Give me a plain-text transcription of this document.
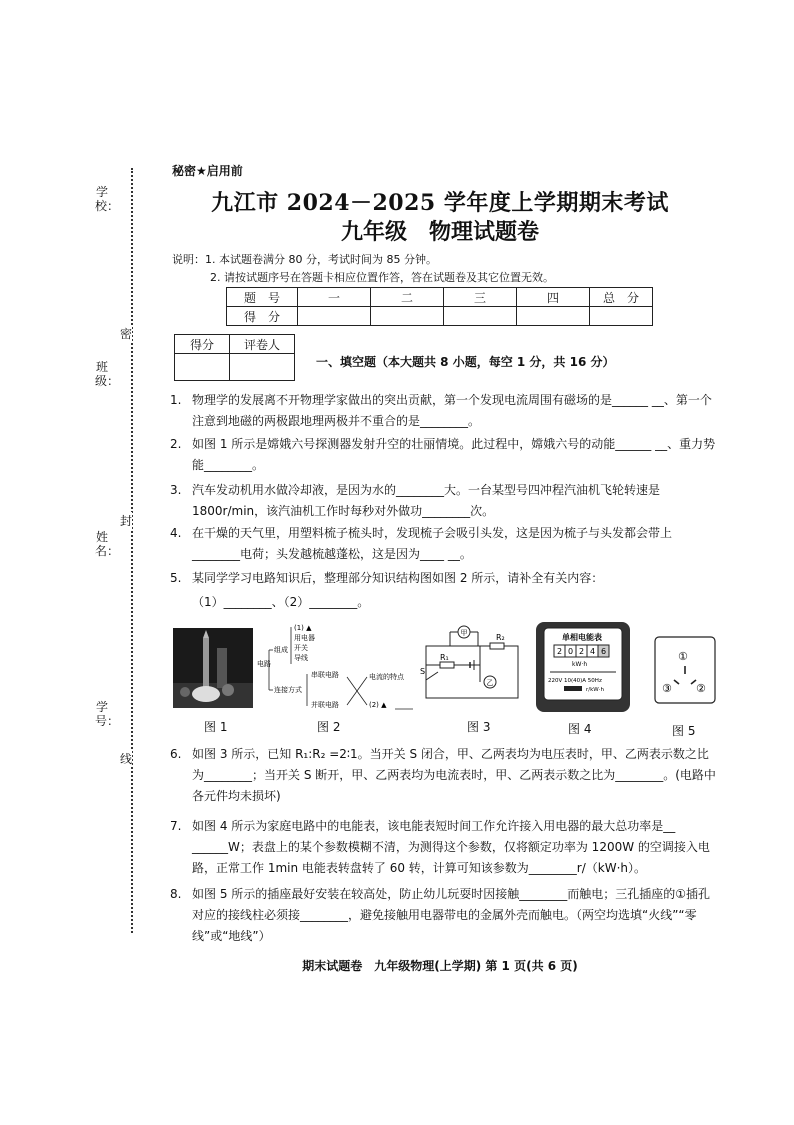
学校：
班级：
姓名：
学号：
密
封
线
秘密★启用前
九江市 2024－2025 学年度上学期期末考试
九年级　物理试题卷
说明：1. 本试题卷满分 80 分，考试时间为 85 分钟。
2. 请按试题序号在答题卡相应位置作答，答在试题卷及其它位置无效。
题　号	一	二	三	四	总　分
得　分					
得分	评卷人

一、填空题（本大题共 8 小题，每空 1 分，共 16 分）
1. 物理学的发展离不开物理学家做出的突出贡献，第一个发现电流周围有磁场的是______ __、第一个注意到地磁的两极跟地理两极并不重合的是________。
2. 如图 1 所示是嫦娥六号探测器发射升空的壮丽情境。此过程中，嫦娥六号的动能______ __、重力势能________。
3. 汽车发动机用水做冷却液，是因为水的________大。一台某型号四冲程汽油机飞轮转速是 1800r/min，该汽油机工作时每秒对外做功________次。
4. 在干燥的天气里，用塑料梳子梳头时，发现梳子会吸引头发，这是因为梳子与头发都会带上________电荷；头发越梳越蓬松，这是因为____ __。
5. 某同学学习电路知识后，整理部分知识结构图如图 2 所示，请补全有关内容：
（1）________、（2）________。
图 1
电路
组成
(1) ▲
用电器
开关
导线
连接方式
串联电路
并联电路
电流的特点
(2) ▲
图 2
甲
R₁
R₂
乙
S
图 3
单相电能表
2 0 2 4 6
kW·h
220V 10(40)A 50Hz
r/kW·h
图 4
①
③ ②
图 5
6. 如图 3 所示，已知 R₁:R₂ =2∶1。当开关 S 闭合，甲、乙两表均为电压表时，甲、乙两表示数之比为________；当开关 S 断开，甲、乙两表均为电流表时，甲、乙两表示数之比为________。(电路中各元件均未损坏)
7. 如图 4 所示为家庭电路中的电能表，该电能表短时间工作允许接入用电器的最大总功率是__ ______W；表盘上的某个参数模糊不清，为测得这个参数，仅将额定功率为 1200W 的空调接入电路，正常工作 1min 电能表转盘转了 60 转，计算可知该参数为________r/（kW·h）。
8. 如图 5 所示的插座最好安装在较高处，防止幼儿玩耍时因接触________而触电；三孔插座的①插孔对应的接线柱必须接________，避免接触用电器带电的金属外壳而触电。（两空均选填“火线”“零线”或“地线”）
期末试题卷　九年级物理(上学期) 第 1 页(共 6 页)
